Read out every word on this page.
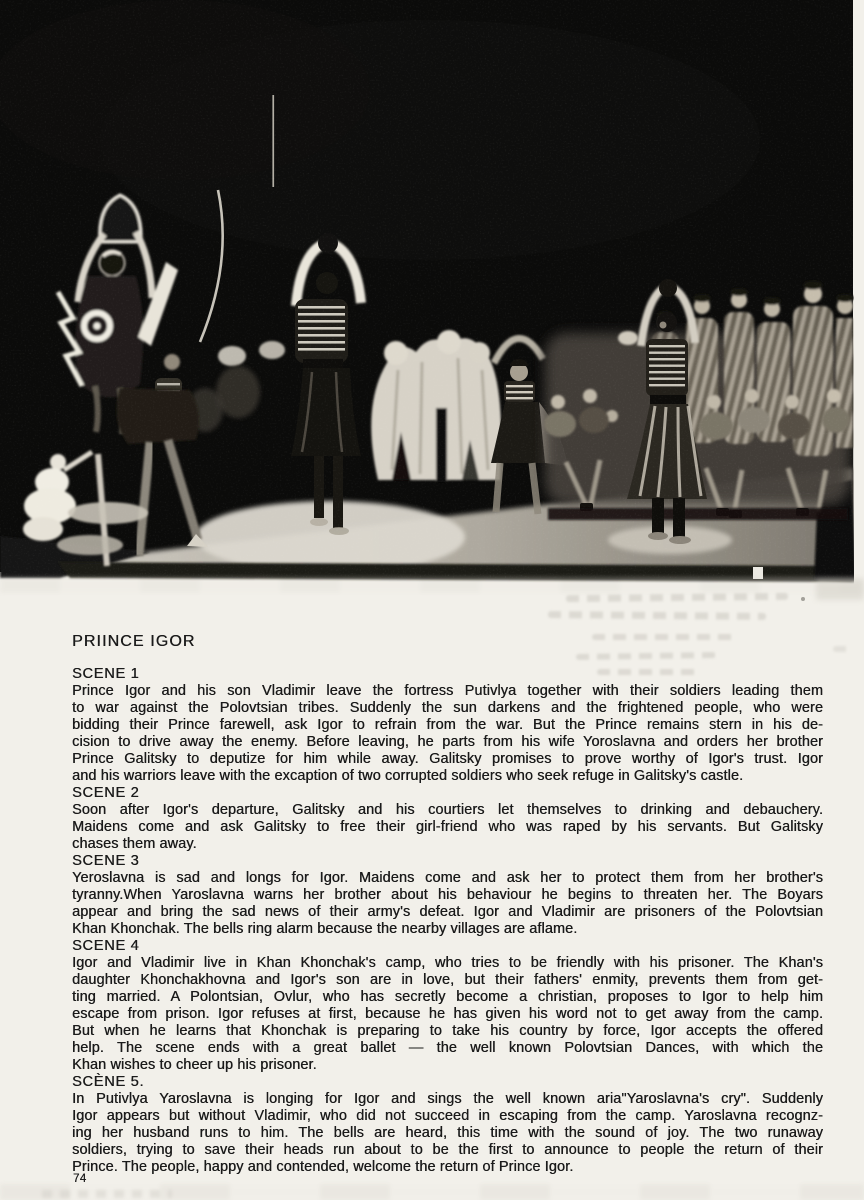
PRIINCE IGOR
SCENE 1
Prince Igor and his son Vladimir leave the fortress Putivlya together with their soldiers leading them
to war against the Polovtsian tribes. Suddenly the sun darkens and the frightened people, who were
bidding their Prince farewell, ask Igor to refrain from the war. But the Prince remains stern in his de-
cision to drive away the enemy. Before leaving, he parts from his wife Yoroslavna and orders her brother
Prince Galitsky to deputize for him while away. Galitsky promises to prove worthy of Igor's trust. Igor
and his warriors leave with the excaption of two corrupted soldiers who seek refuge in Galitsky's castle.
SCENE 2
Soon after Igor's departure, Galitsky and his courtiers let themselves to drinking and debauchery.
Maidens come and ask Galitsky to free their girl-friend who was raped by his servants. But Galitsky
chases them away.
SCENE 3
Yeroslavna is sad and longs for Igor. Maidens come and ask her to protect them from her brother's
tyranny.When Yaroslavna warns her brother about his behaviour he begins to threaten her. The Boyars
appear and bring the sad news of their army's defeat. Igor and Vladimir are prisoners of the Polovtsian
Khan Khonchak. The bells ring alarm because the nearby villages are aflame.
SCENE 4
Igor and Vladimir live in Khan Khonchak's camp, who tries to be friendly with his prisoner. The Khan's
daughter Khonchakhovna and Igor's son are in love, but their fathers' enmity, prevents them from get-
ting married. A Polontsian, Ovlur, who has secretly become a christian, proposes to Igor to help him
escape from prison. Igor refuses at first, because he has given his word not to get away from the camp.
But when he learns that Khonchak is preparing to take his country by force, Igor accepts the offered
help. The scene ends with a great ballet — the well known Polovtsian Dances, with which the
Khan wishes to cheer up his prisoner.
SCÈNE 5.
In Putivlya Yaroslavna is longing for Igor and sings the well known aria"Yaroslavna's cry". Suddenly
Igor appears but without Vladimir, who did not succeed in escaping from the camp. Yaroslavna recognz-
ing her husband runs to him. The bells are heard, this time with the sound of joy. The two runaway
soldiers, trying to save their heads run about to be the first to announce to people the return of their
Prince. The people, happy and contended, welcome the return of Prince Igor.
74
